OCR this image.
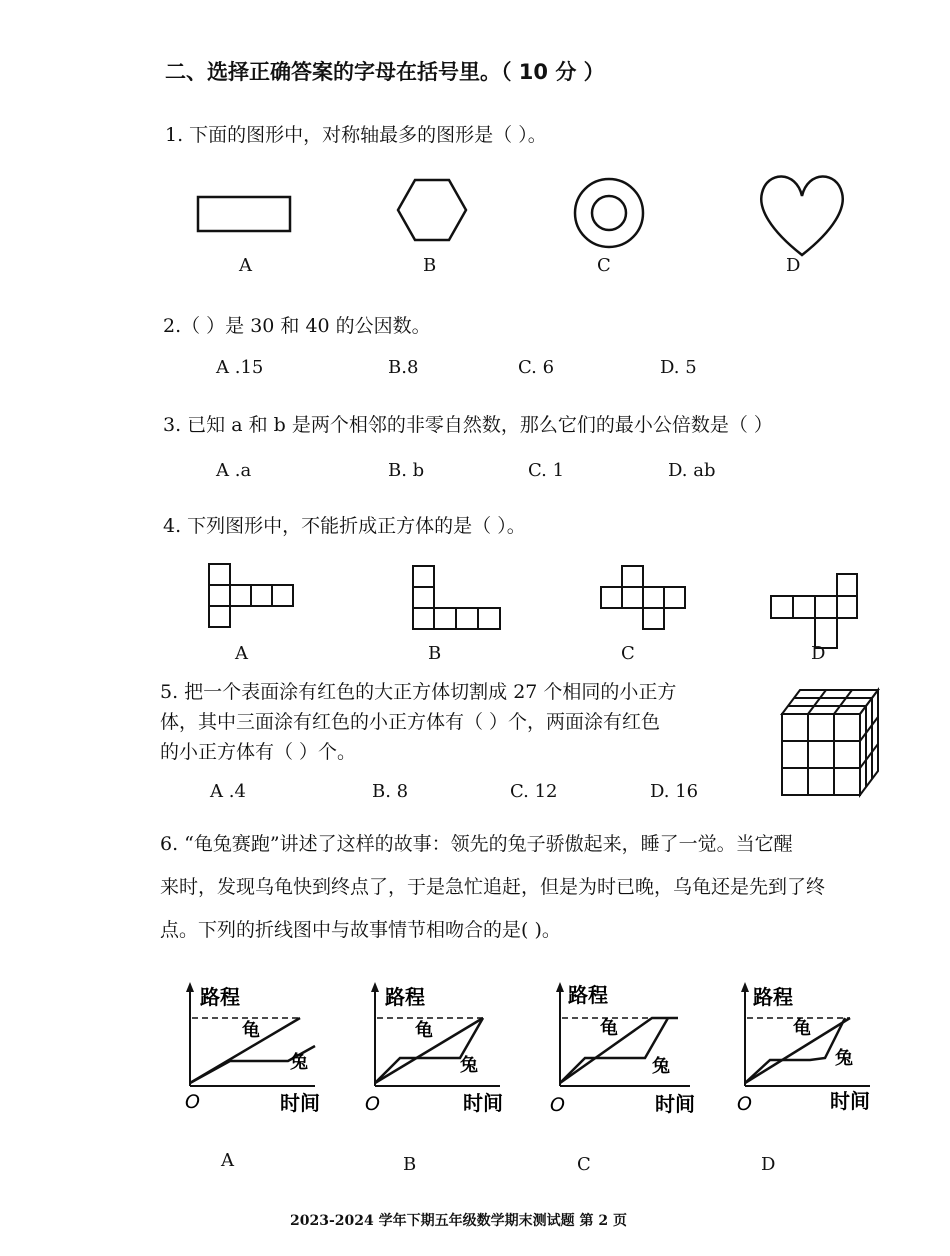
二、选择正确答案的字母在括号里。（ 10 分 ）
1. 下面的图形中，对称轴最多的图形是（ ）。
A	B	C	D
2.（ ）是 30 和 40 的公因数。
A .15	B.8	C. 6	D. 5
3. 已知 a 和 b 是两个相邻的非零自然数，那么它们的最小公倍数是（ ）
A .a	B. b	C. 1	D. ab
4. 下列图形中，不能折成正方体的是（ ）。
A	B	C	D
5. 把一个表面涂有红色的大正方体切割成 27 个相同的小正方
体，其中三面涂有红色的小正方体有（ ）个，两面涂有红色
的小正方体有（ ）个。
A .4	B. 8	C. 12	D. 16
6. “龟兔赛跑”讲述了这样的故事：领先的兔子骄傲起来，睡了一觉。当它醒
来时，发现乌龟快到终点了，于是急忙追赶，但是为时已晚，乌龟还是先到了终
点。下列的折线图中与故事情节相吻合的是( )。
路程
龟
兔
O	时间
路程
龟
兔
O	时间
路程
龟
兔
O	时间
路程
龟
兔
O	时间
A	B	C	D
2023-2024 学年下期五年级数学期末测试题 第 2 页
